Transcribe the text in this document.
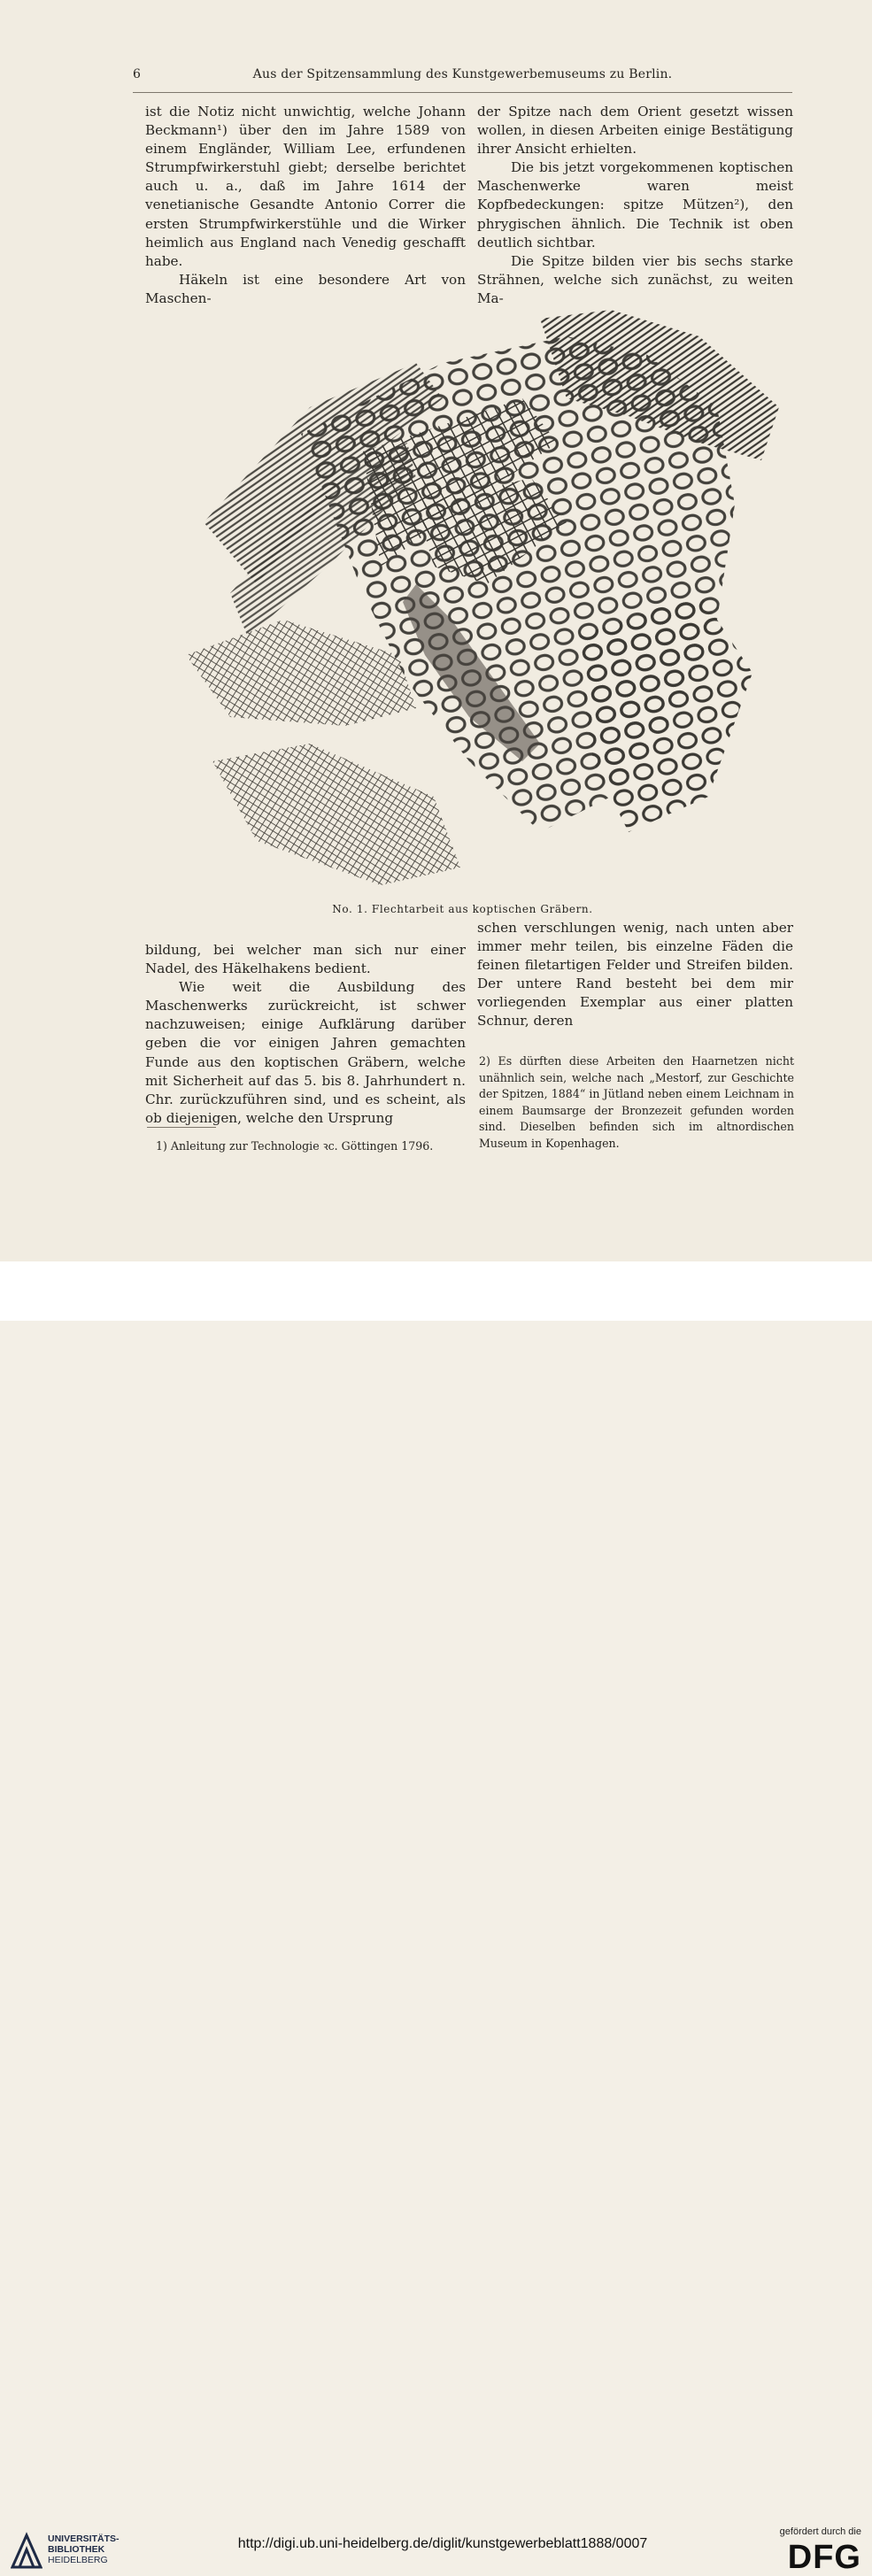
6	Aus der Spitzensammlung des Kunstgewerbemuseums zu Berlin.

ist die Notiz nicht unwichtig, welche Johann Beckmann¹) über den im Jahre 1589 von einem Engländer, William Lee, erfundenen Strumpfwirkerstuhl giebt; derselbe berichtet auch u. a., daß im Jahre 1614 der venetianische Gesandte Antonio Correr die ersten Strumpfwirkerstühle und die Wirker heimlich aus England nach Venedig geschafft habe.

Häkeln ist eine besondere Art von Maschen-

der Spitze nach dem Orient gesetzt wissen wollen, in diesen Arbeiten einige Bestätigung ihrer Ansicht erhielten.

Die bis jetzt vorgekommenen koptischen Maschenwerke waren meist Kopfbedeckungen: spitze Mützen²), den phrygischen ähnlich. Die Technik ist oben deutlich sichtbar.

Die Spitze bilden vier bis sechs starke Strähnen, welche sich zunächst, zu weiten Ma-

No. 1. Flechtarbeit aus koptischen Gräbern.

bildung, bei welcher man sich nur einer Nadel, des Häkelhakens bedient.

Wie weit die Ausbildung des Maschenwerks zurückreicht, ist schwer nachzuweisen; einige Aufklärung darüber geben die vor einigen Jahren gemachten Funde aus den koptischen Gräbern, welche mit Sicherheit auf das 5. bis 8. Jahrhundert n. Chr. zurückzuführen sind, und es scheint, als ob diejenigen, welche den Ursprung

schen verschlungen wenig, nach unten aber immer mehr teilen, bis einzelne Fäden die feinen filetartigen Felder und Streifen bilden. Der untere Rand besteht bei dem mir vorliegenden Exemplar aus einer platten Schnur, deren

1) Anleitung zur Technologie ꝛc. Göttingen 1796.
2) Es dürften diese Arbeiten den Haarnetzen nicht unähnlich sein, welche nach „Mestorf, zur Geschichte der Spitzen, 1884“ in Jütland neben einem Leichnam in einem Baumsarge der Bronzezeit gefunden worden sind. Dieselben befinden sich im altnordischen Museum in Kopenhagen.
UNIVERSITÄTS-
BIBLIOTHEK
HEIDELBERG
http://digi.ub.uni-heidelberg.de/diglit/kunstgewerbeblatt1888/0007
gefördert durch die
DFG
